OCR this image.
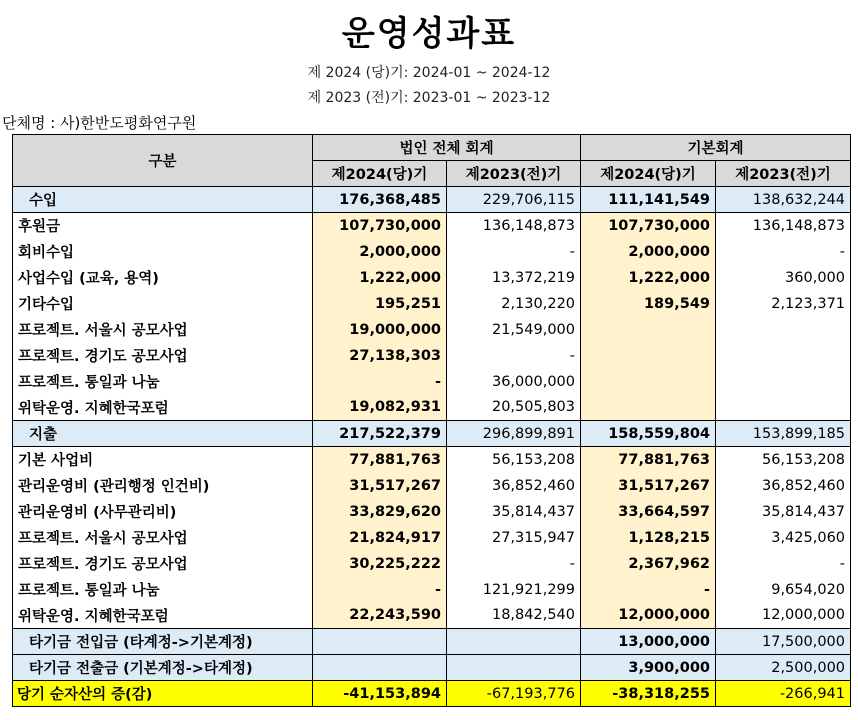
운영성과표
제 2024 (당)기: 2024-01 ~ 2024-12
제 2023 (전)기: 2023-01 ~ 2023-12
단체명 : 사)한반도평화연구원
구분	법인 전체 회계		기본회계	
	제2024(당)기	제2023(전)기	제2024(당)기	제2023(전)기
수입	176,368,485	229,706,115	111,141,549	138,632,244
후원금	107,730,000	136,148,873	107,730,000	136,148,873
회비수입	2,000,000	-	2,000,000	-
사업수입 (교육, 용역)	1,222,000	13,372,219	1,222,000	360,000
기타수입	195,251	2,130,220	189,549	2,123,371
프로젝트. 서울시 공모사업	19,000,000	21,549,000		
프로젝트. 경기도 공모사업	27,138,303	-		
프로젝트. 통일과 나눔	-	36,000,000		
위탁운영. 지혜한국포럼	19,082,931	20,505,803		
지출	217,522,379	296,899,891	158,559,804	153,899,185
기본 사업비	77,881,763	56,153,208	77,881,763	56,153,208
관리운영비 (관리행정 인건비)	31,517,267	36,852,460	31,517,267	36,852,460
관리운영비 (사무관리비)	33,829,620	35,814,437	33,664,597	35,814,437
프로젝트. 서울시 공모사업	21,824,917	27,315,947	1,128,215	3,425,060
프로젝트. 경기도 공모사업	30,225,222	-	2,367,962	-
프로젝트. 통일과 나눔	-	121,921,299	-	9,654,020
위탁운영. 지혜한국포럼	22,243,590	18,842,540	12,000,000	12,000,000
타기금 전입금 (타계정->기본계정)			13,000,000	17,500,000
타기금 전출금 (기본계정->타계정)			3,900,000	2,500,000
당기 순자산의 증(감)	-41,153,894	-67,193,776	-38,318,255	-266,941
